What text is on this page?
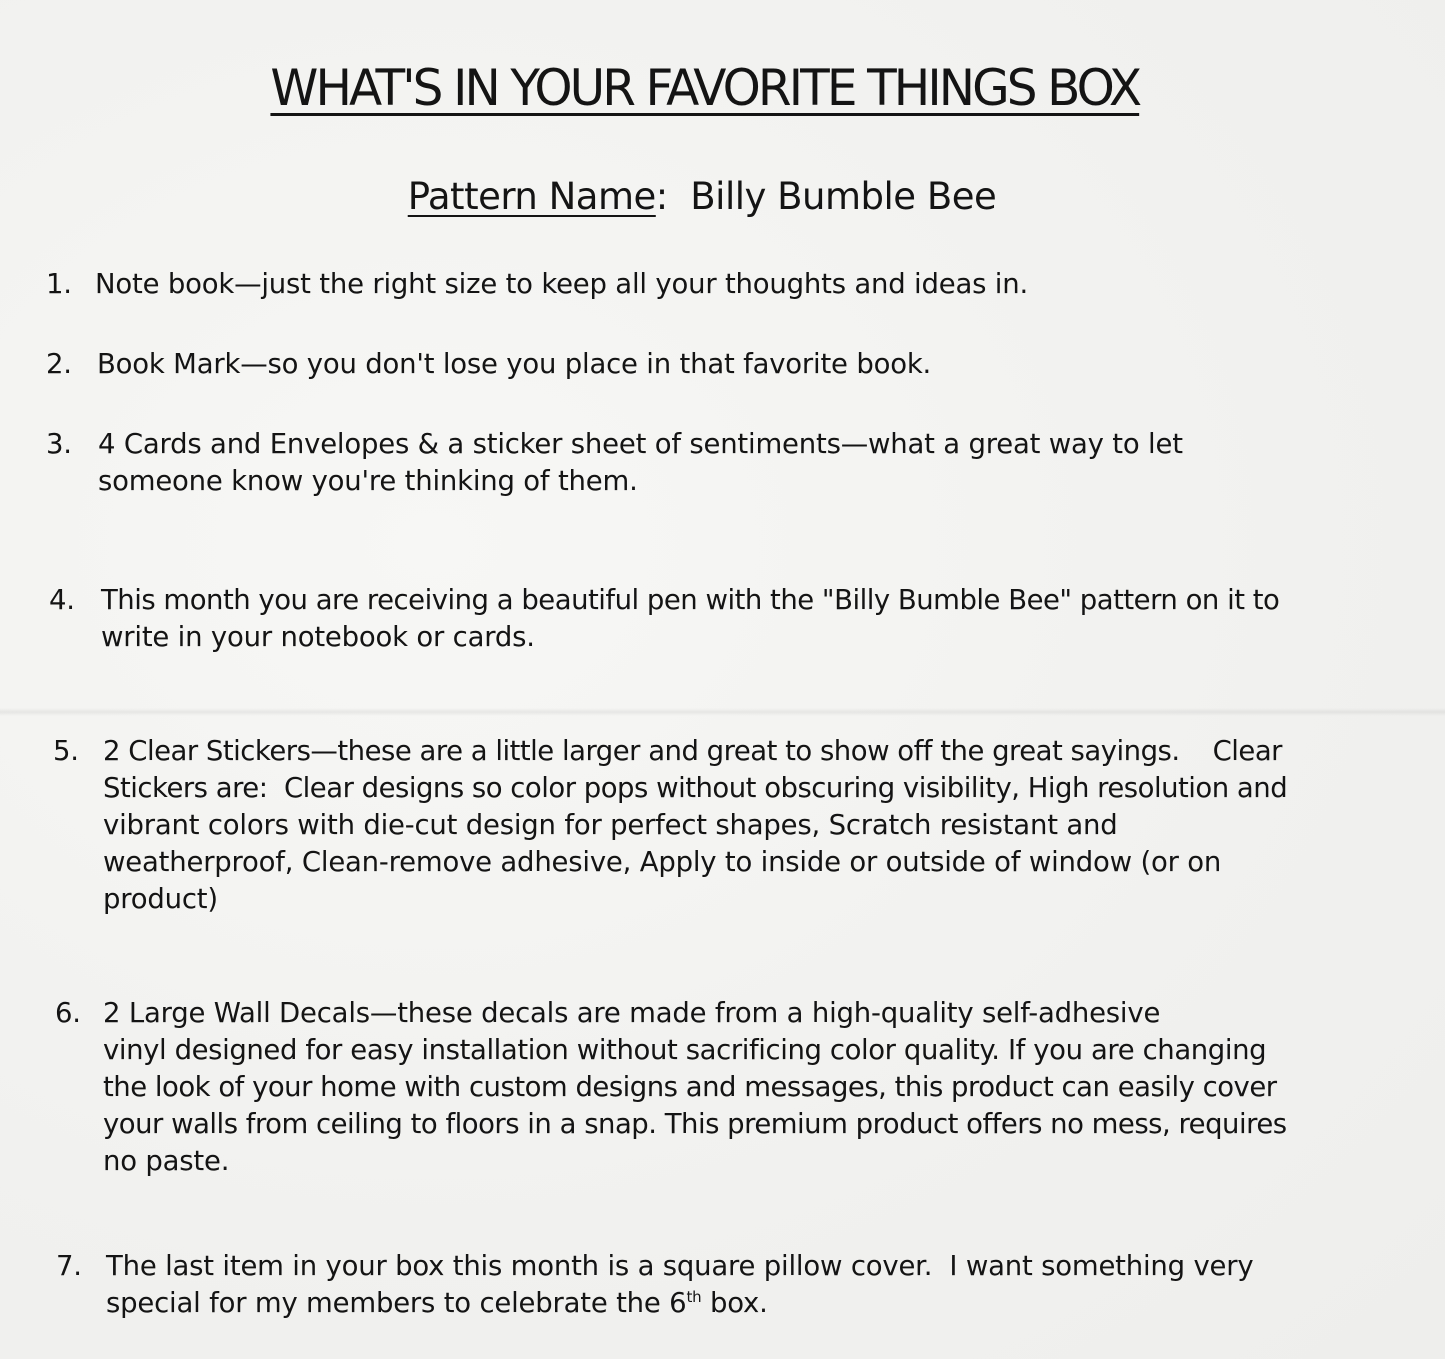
WHAT'S IN YOUR FAVORITE THINGS BOX

Pattern Name: Billy Bumble Bee

1. Note book—just the right size to keep all your thoughts and ideas in.
2. Book Mark—so you don't lose you place in that favorite book.
3. 4 Cards and Envelopes & a sticker sheet of sentiments—what a great way to let
someone know you're thinking of them.
4. This month you are receiving a beautiful pen with the "Billy Bumble Bee" pattern on it to
write in your notebook or cards.
5. 2 Clear Stickers—these are a little larger and great to show off the great sayings.    Clear
Stickers are:  Clear designs so color pops without obscuring visibility, High resolution and
vibrant colors with die-cut design for perfect shapes, Scratch resistant and
weatherproof, Clean-remove adhesive, Apply to inside or outside of window (or on
product)
6. 2 Large Wall Decals—these decals are made from a high-quality self-adhesive
vinyl designed for easy installation without sacrificing color quality. If you are changing
the look of your home with custom designs and messages, this product can easily cover
your walls from ceiling to floors in a snap. This premium product offers no mess, requires
no paste.
7. The last item in your box this month is a square pillow cover.  I want something very
special for my members to celebrate the 6th box.
